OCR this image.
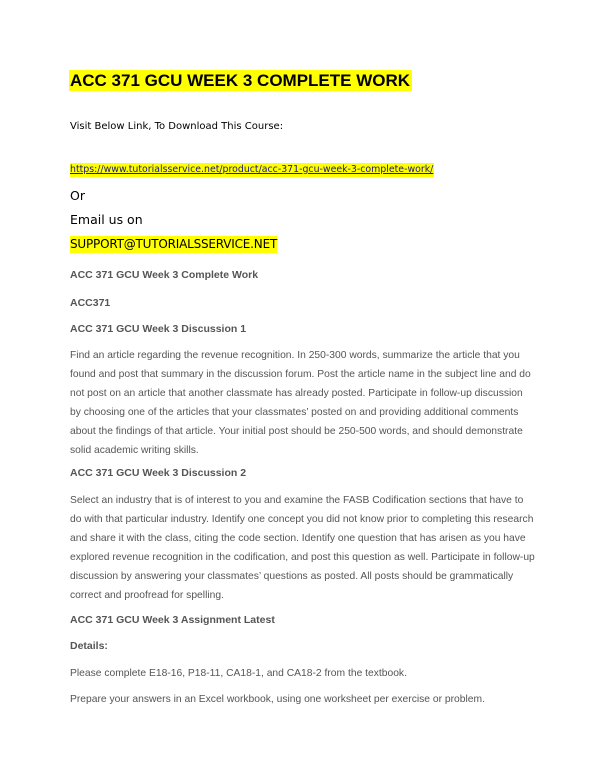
ACC 371 GCU WEEK 3 COMPLETE WORK
Visit Below Link, To Download This Course:
https://www.tutorialsservice.net/product/acc-371-gcu-week-3-complete-work/
Or
Email us on
SUPPORT@TUTORIALSSERVICE.NET
ACC 371 GCU Week 3 Complete Work
ACC371
ACC 371 GCU Week 3 Discussion 1

Find an article regarding the revenue recognition. In 250-300 words, summarize the article that you found and post that summary in the discussion forum. Post the article name in the subject line and do not post on an article that another classmate has already posted. Participate in follow-up discussion by choosing one of the articles that your classmates’ posted on and providing additional comments about the findings of that article. Your initial post should be 250-500 words, and should demonstrate solid academic writing skills.

ACC 371 GCU Week 3 Discussion 2

Select an industry that is of interest to you and examine the FASB Codification sections that have to do with that particular industry. Identify one concept you did not know prior to completing this research and share it with the class, citing the code section. Identify one question that has arisen as you have explored revenue recognition in the codification, and post this question as well. Participate in follow-up discussion by answering your classmates’ questions as posted. All posts should be grammatically correct and proofread for spelling.

ACC 371 GCU Week 3 Assignment Latest
Details:

Please complete E18-16, P18-11, CA18-1, and CA18-2 from the textbook.

Prepare your answers in an Excel workbook, using one worksheet per exercise or problem.
